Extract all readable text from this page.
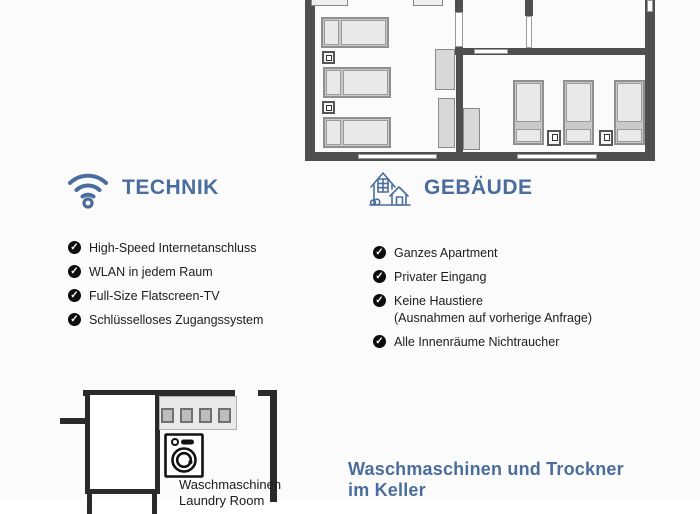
TECHNIK
✓ High-Speed Internetanschluss
✓ WLAN in jedem Raum
✓ Full-Size Flatscreen-TV
✓ Schlüsselloses Zugangssystem
GEBÄUDE
✓ Ganzes Apartment
✓ Privater Eingang
✓ Keine Haustiere
(Ausnahmen auf vorherige Anfrage)
✓ Alle Innenräume Nichtraucher
Waschmaschinen
Laundry Room
Waschmaschinen und Trockner
im Keller
